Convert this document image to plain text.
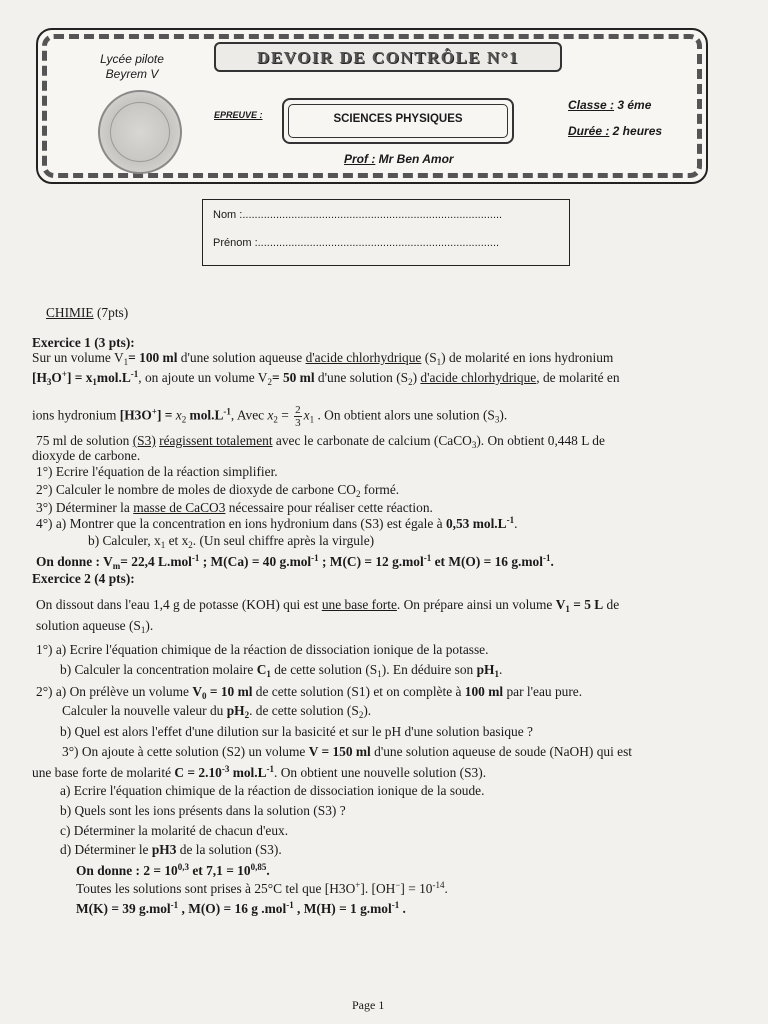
Lycée pilote
Beyrem V
DEVOIR DE CONTRÔLE N°1
EPREUVE :	SCIENCES PHYSIQUES
Classe : 3 éme
Durée : 2 heures
Prof : Mr Ben Amor
Nom :.....................................................................................
Prénom :...............................................................................
CHIMIE (7pts)
Exercice 1 (3 pts):
Sur un volume $V_1= 100$ ml d'une solution aqueuse d'acide chlorhydrique $(S_1)$ de molarité en ions hydronium
$[H_3O^+] = x_1mol.L^{-1}$, on ajoute un volume $V_2= 50$ ml d'une solution $(S_2)$ d'acide chlorhydrique, de molarité en
ions hydronium $[H3O^+] = x_2$ $mol.L^{-1}$, Avec $x_2 = \frac{2}{3} x_1$ . On obtient alors une solution $(S_3)$.
75 ml de solution (S3) réagissent totalement avec le carbonate de calcium (CaCO$_3$). On obtient 0,448 L de
dioxyde de carbone.
1°) Ecrire l'équation de la réaction simplifier.
2°) Calculer le nombre de moles de dioxyde de carbone $CO_2$ formé.
3°) Déterminer la masse de CaCO3 nécessaire pour réaliser cette réaction.
4°) a) Montrer que la concentration en ions hydronium dans (S3) est égale à 0,53 $mol.L^{-1}$.
b) Calculer, $x_1$ et $x_2$. (Un seul chiffre après la virgule)
On donne : $V_m= 22,4$ L.mol$^{-1}$ ; M(Ca) = 40 g.mol$^{-1}$ ; M(C) = 12 g.mol$^{-1}$ et M(O) = 16 g.mol$^{-1}$.
Exercice 2 (4 pts):
On dissout dans l'eau 1,4 g de potasse (KOH) qui est une base forte. On prépare ainsi un volume $V_1 = 5$ L de
solution aqueuse $(S_1)$.
1°) a) Ecrire l'équation chimique de la réaction de dissociation ionique de la potasse.
b) Calculer la concentration molaire $C_1$ de cette solution $(S_1)$. En déduire son $pH_1$.
2°) a) On prélève un volume $V_0 = 10$ ml de cette solution (S1) et on complète à 100 ml par l'eau pure.
Calculer la nouvelle valeur du $pH_2$. de cette solution $(S_2)$.
b) Quel est alors l'effet d'une dilution sur la basicité et sur le pH d'une solution basique ?
3°) On ajoute à cette solution (S2) un volume V = 150 ml d'une solution aqueuse de soude (NaOH) qui est
une base forte de molarité $C = 2.10^{-3}$ $mol.L^{-1}$. On obtient une nouvelle solution (S3).
a) Ecrire l'équation chimique de la réaction de dissociation ionique de la soude.
b) Quels sont les ions présents dans la solution (S3) ?
c) Déterminer la molarité de chacun d'eux.
d) Déterminer le pH3 de la solution (S3).
On donne : $2 = 10^{0,3}$ et $7,1 = 10^{0,85}$.
Toutes les solutions sont prises à 25°C tel que [H3O+]. $[OH^-] = 10^{-14}$.
M(K) = 39 g.mol$^{-1}$ , M(O) = 16 g .mol$^{-1}$ , M(H) = 1 g.mol$^{-1}$ .
Page 1
